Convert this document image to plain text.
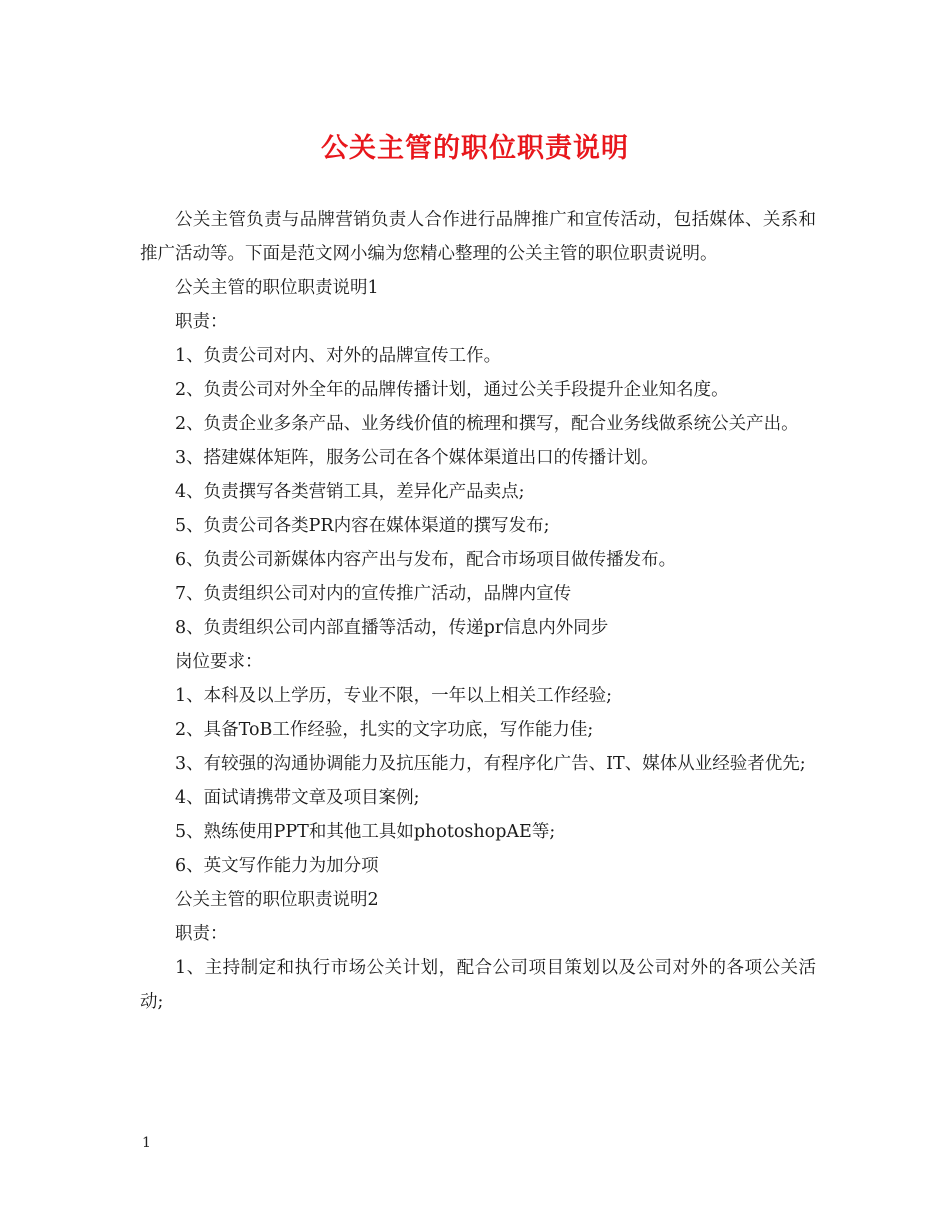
公关主管的职位职责说明

公关主管负责与品牌营销负责人合作进行品牌推广和宣传活动，包括媒体、关系和推广活动等。下面是范文网小编为您精心整理的公关主管的职位职责说明。

公关主管的职位职责说明1

职责：

1、负责公司对内、对外的品牌宣传工作。

2、负责公司对外全年的品牌传播计划，通过公关手段提升企业知名度。

2、负责企业多条产品、业务线价值的梳理和撰写，配合业务线做系统公关产出。

3、搭建媒体矩阵，服务公司在各个媒体渠道出口的传播计划。

4、负责撰写各类营销工具，差异化产品卖点;

5、负责公司各类PR内容在媒体渠道的撰写发布;

6、负责公司新媒体内容产出与发布，配合市场项目做传播发布。

7、负责组织公司对内的宣传推广活动，品牌内宣传

8、负责组织公司内部直播等活动，传递pr信息内外同步

岗位要求：

1、本科及以上学历，专业不限，一年以上相关工作经验;

2、具备ToB工作经验，扎实的文字功底，写作能力佳;

3、有较强的沟通协调能力及抗压能力，有程序化广告、IT、媒体从业经验者优先;

4、面试请携带文章及项目案例;

5、熟练使用PPT和其他工具如photoshopAE等;

6、英文写作能力为加分项

公关主管的职位职责说明2

职责：

1、主持制定和执行市场公关计划，配合公司项目策划以及公司对外的各项公关活动;

1
